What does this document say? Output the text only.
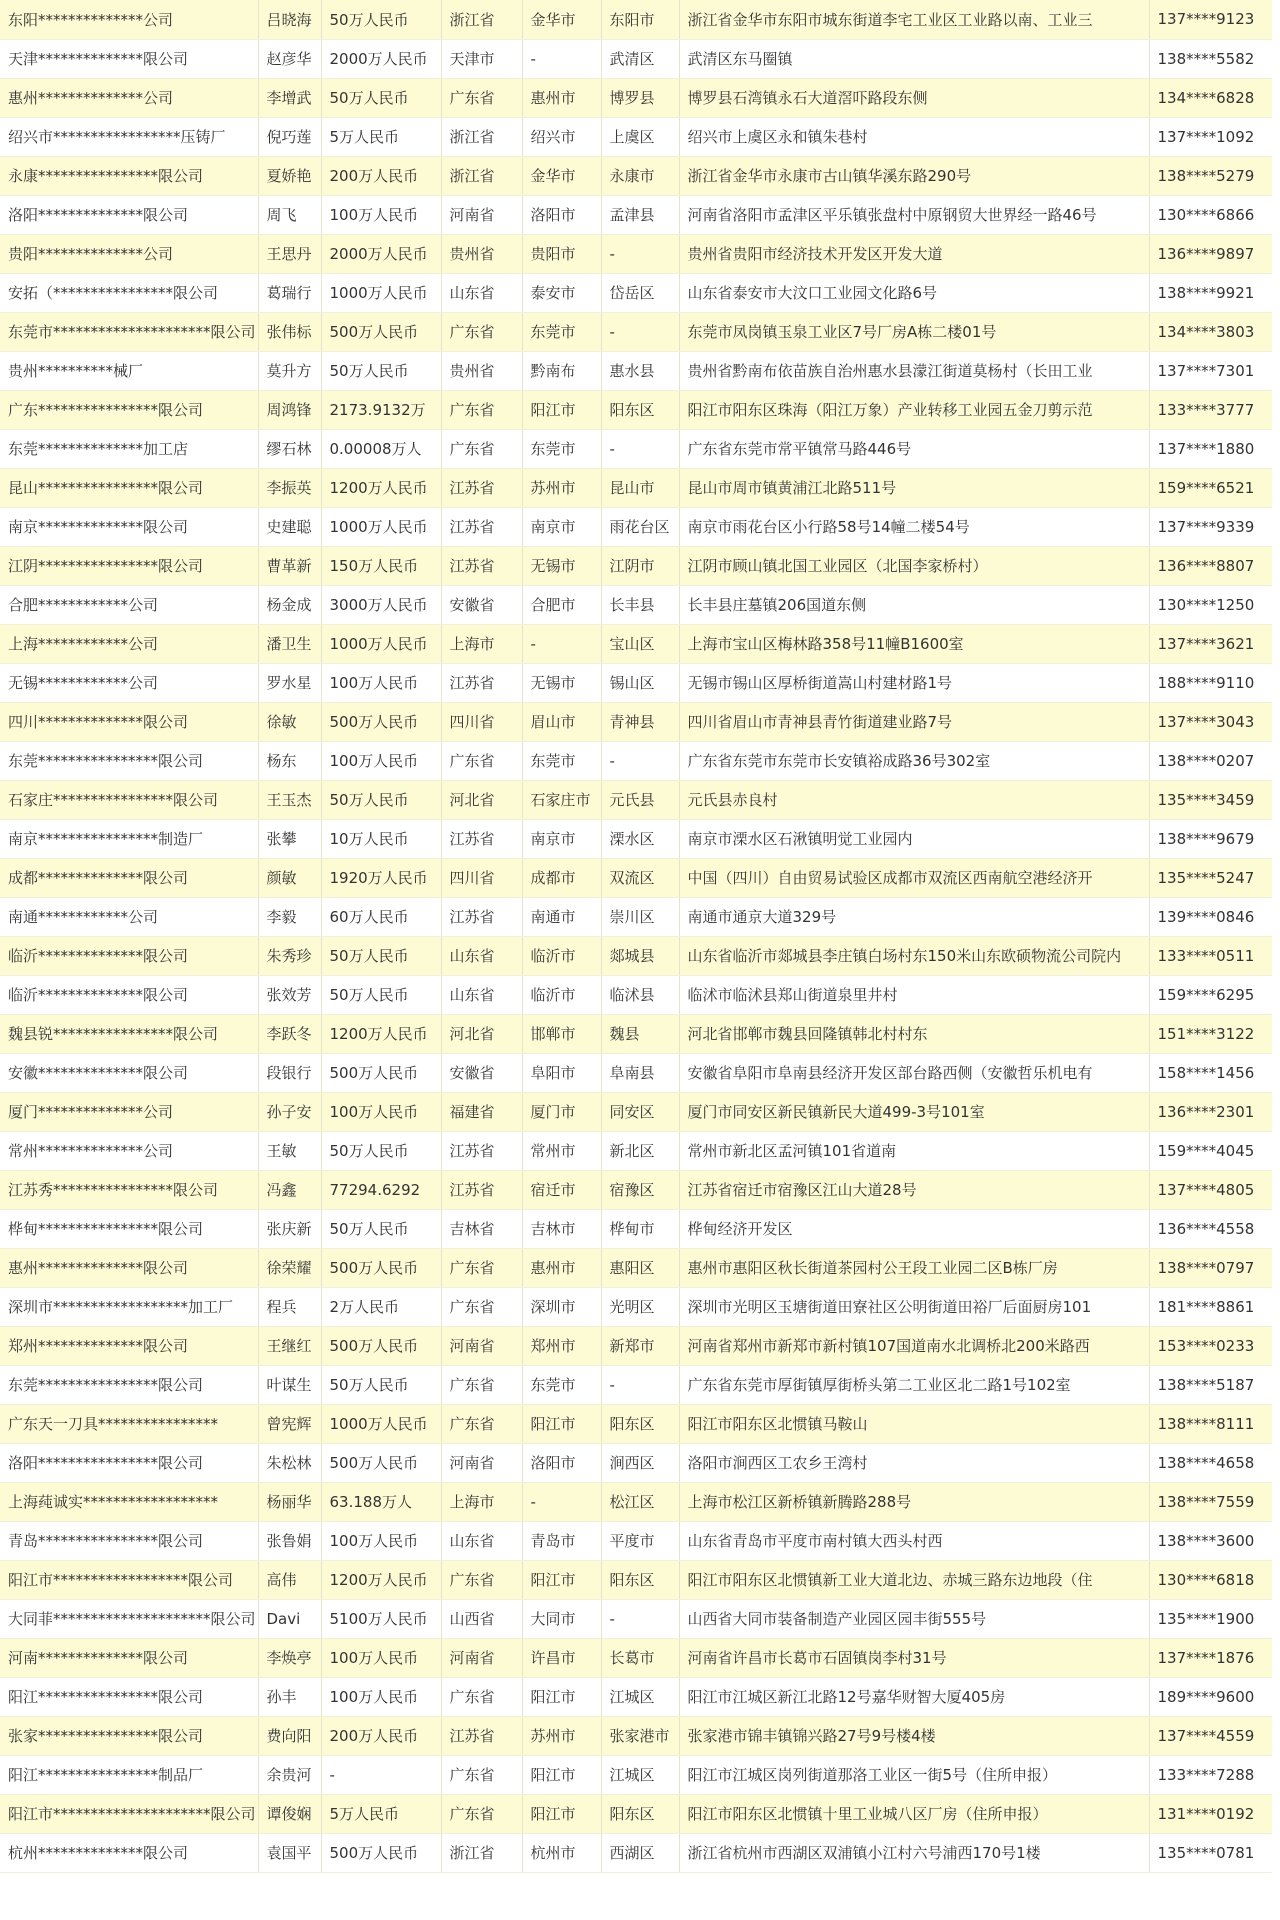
东阳**************公司	吕晓海	50万人民币	浙江省	金华市	东阳市	浙江省金华市东阳市城东街道李宅工业区工业路以南、工业三	137****9123
天津**************限公司	赵彦华	2000万人民币	天津市	-	武清区	武清区东马圈镇	138****5582
惠州**************公司	李增武	50万人民币	广东省	惠州市	博罗县	博罗县石湾镇永石大道滘吓路段东侧	134****6828
绍兴市*****************压铸厂	倪巧莲	5万人民币	浙江省	绍兴市	上虞区	绍兴市上虞区永和镇朱巷村	137****1092
永康****************限公司	夏娇艳	200万人民币	浙江省	金华市	永康市	浙江省金华市永康市古山镇华溪东路290号	138****5279
洛阳**************限公司	周飞	100万人民币	河南省	洛阳市	孟津县	河南省洛阳市孟津区平乐镇张盘村中原钢贸大世界经一路46号	130****6866
贵阳**************公司	王思丹	2000万人民币	贵州省	贵阳市	-	贵州省贵阳市经济技术开发区开发大道	136****9897
安拓（****************限公司	葛瑞行	1000万人民币	山东省	泰安市	岱岳区	山东省泰安市大汶口工业园文化路6号	138****9921
东莞市*********************限公司	张伟标	500万人民币	广东省	东莞市	-	东莞市凤岗镇玉泉工业区7号厂房A栋二楼01号	134****3803
贵州**********械厂	莫升方	50万人民币	贵州省	黔南布	惠水县	贵州省黔南布依苗族自治州惠水县濛江街道莫杨村（长田工业	137****7301
广东****************限公司	周鸿锋	2173.9132万	广东省	阳江市	阳东区	阳江市阳东区珠海（阳江万象）产业转移工业园五金刀剪示范	133****3777
东莞**************加工店	缪石林	0.00008万人	广东省	东莞市	-	广东省东莞市常平镇常马路446号	137****1880
昆山****************限公司	李振英	1200万人民币	江苏省	苏州市	昆山市	昆山市周市镇黄浦江北路511号	159****6521
南京**************限公司	史建聪	1000万人民币	江苏省	南京市	雨花台区	南京市雨花台区小行路58号14幢二楼54号	137****9339
江阴****************限公司	曹革新	150万人民币	江苏省	无锡市	江阴市	江阴市顾山镇北国工业园区（北国李家桥村）	136****8807
合肥************公司	杨金成	3000万人民币	安徽省	合肥市	长丰县	长丰县庄墓镇206国道东侧	130****1250
上海************公司	潘卫生	1000万人民币	上海市	-	宝山区	上海市宝山区梅林路358号11幢B1600室	137****3621
无锡************公司	罗水星	100万人民币	江苏省	无锡市	锡山区	无锡市锡山区厚桥街道嵩山村建材路1号	188****9110
四川**************限公司	徐敏	500万人民币	四川省	眉山市	青神县	四川省眉山市青神县青竹街道建业路7号	137****3043
东莞****************限公司	杨东	100万人民币	广东省	东莞市	-	广东省东莞市东莞市长安镇裕成路36号302室	138****0207
石家庄****************限公司	王玉杰	50万人民币	河北省	石家庄市	元氏县	元氏县赤良村	135****3459
南京****************制造厂	张攀	10万人民币	江苏省	南京市	溧水区	南京市溧水区石湫镇明觉工业园内	138****9679
成都**************限公司	颜敏	1920万人民币	四川省	成都市	双流区	中国（四川）自由贸易试验区成都市双流区西南航空港经济开	135****5247
南通************公司	李毅	60万人民币	江苏省	南通市	崇川区	南通市通京大道329号	139****0846
临沂**************限公司	朱秀珍	50万人民币	山东省	临沂市	郯城县	山东省临沂市郯城县李庄镇白场村东150米山东欧硕物流公司院内	133****0511
临沂**************限公司	张效芳	50万人民币	山东省	临沂市	临沭县	临沭市临沭县郑山街道泉里井村	159****6295
魏县锐****************限公司	李跃冬	1200万人民币	河北省	邯郸市	魏县	河北省邯郸市魏县回隆镇韩北村村东	151****3122
安徽**************限公司	段银行	500万人民币	安徽省	阜阳市	阜南县	安徽省阜阳市阜南县经济开发区部台路西侧（安徽哲乐机电有	158****1456
厦门**************公司	孙子安	100万人民币	福建省	厦门市	同安区	厦门市同安区新民镇新民大道499-3号101室	136****2301
常州**************公司	王敏	50万人民币	江苏省	常州市	新北区	常州市新北区孟河镇101省道南	159****4045
江苏秀****************限公司	冯鑫	77294.6292	江苏省	宿迁市	宿豫区	江苏省宿迁市宿豫区江山大道28号	137****4805
桦甸****************限公司	张庆新	50万人民币	吉林省	吉林市	桦甸市	桦甸经济开发区	136****4558
惠州**************限公司	徐荣耀	500万人民币	广东省	惠州市	惠阳区	惠州市惠阳区秋长街道茶园村公王段工业园二区B栋厂房	138****0797
深圳市******************加工厂	程兵	2万人民币	广东省	深圳市	光明区	深圳市光明区玉塘街道田寮社区公明街道田裕厂后面厨房101	181****8861
郑州**************限公司	王继红	500万人民币	河南省	郑州市	新郑市	河南省郑州市新郑市新村镇107国道南水北调桥北200米路西	153****0233
东莞****************限公司	叶谋生	50万人民币	广东省	东莞市	-	广东省东莞市厚街镇厚街桥头第二工业区北二路1号102室	138****5187
广东天一刀具****************	曾宪辉	1000万人民币	广东省	阳江市	阳东区	阳江市阳东区北惯镇马鞍山	138****8111
洛阳****************限公司	朱松林	500万人民币	河南省	洛阳市	涧西区	洛阳市涧西区工农乡王湾村	138****4658
上海莼诚实******************	杨丽华	63.188万人	上海市	-	松江区	上海市松江区新桥镇新腾路288号	138****7559
青岛****************限公司	张鲁娟	100万人民币	山东省	青岛市	平度市	山东省青岛市平度市南村镇大西头村西	138****3600
阳江市******************限公司	高伟	1200万人民币	广东省	阳江市	阳东区	阳江市阳东区北惯镇新工业大道北边、赤城三路东边地段（住	130****6818
大同菲*********************限公司	Davi	5100万人民币	山西省	大同市	-	山西省大同市装备制造产业园区园丰街555号	135****1900
河南**************限公司	李焕亭	100万人民币	河南省	许昌市	长葛市	河南省许昌市长葛市石固镇岗李村31号	137****1876
阳江****************限公司	孙丰	100万人民币	广东省	阳江市	江城区	阳江市江城区新江北路12号嘉华财智大厦405房	189****9600
张家****************限公司	费向阳	200万人民币	江苏省	苏州市	张家港市	张家港市锦丰镇锦兴路27号9号楼4楼	137****4559
阳江****************制品厂	余贵河	-	广东省	阳江市	江城区	阳江市江城区岗列街道那洛工业区一街5号（住所申报）	133****7288
阳江市*********************限公司	谭俊娴	5万人民币	广东省	阳江市	阳东区	阳江市阳东区北惯镇十里工业城八区厂房（住所申报）	131****0192
杭州**************限公司	袁国平	500万人民币	浙江省	杭州市	西湖区	浙江省杭州市西湖区双浦镇小江村六号浦西170号1楼	135****0781
